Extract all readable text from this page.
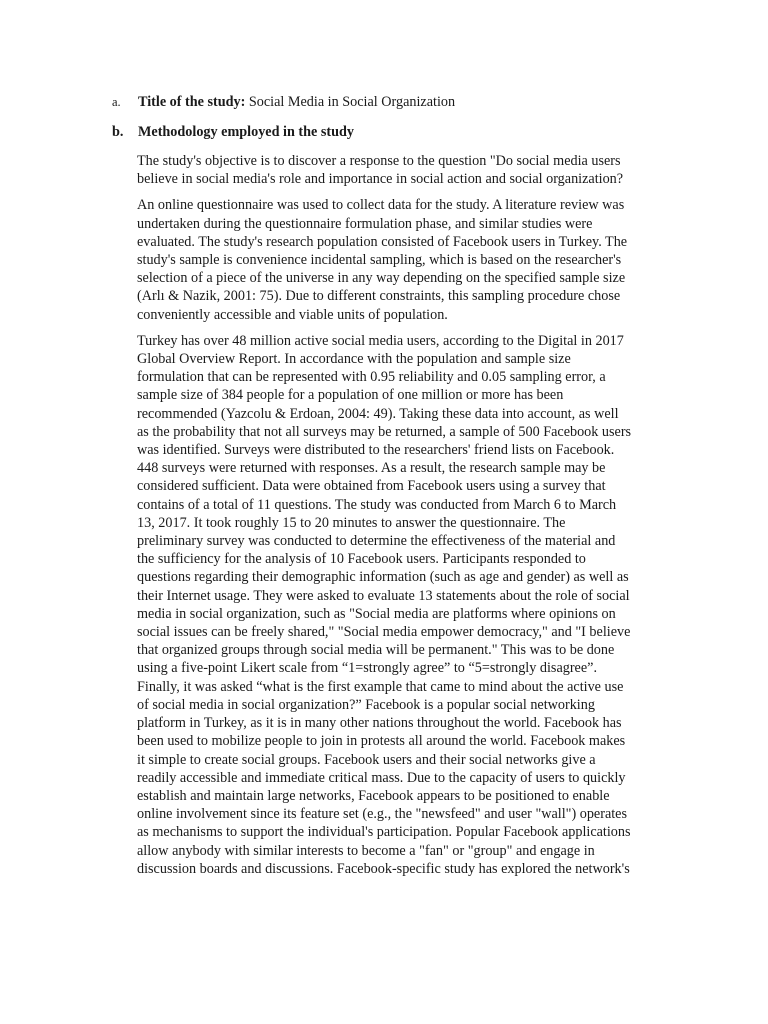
a. Title of the study: Social Media in Social Organization
b. Methodology employed in the study

The study's objective is to discover a response to the question "Do social media users
believe in social media's role and importance in social action and social organization?

An online questionnaire was used to collect data for the study. A literature review was
undertaken during the questionnaire formulation phase, and similar studies were
evaluated. The study's research population consisted of Facebook users in Turkey. The
study's sample is convenience incidental sampling, which is based on the researcher's
selection of a piece of the universe in any way depending on the specified sample size
(Arlı & Nazik, 2001: 75). Due to different constraints, this sampling procedure chose
conveniently accessible and viable units of population.

Turkey has over 48 million active social media users, according to the Digital in 2017
Global Overview Report. In accordance with the population and sample size
formulation that can be represented with 0.95 reliability and 0.05 sampling error, a
sample size of 384 people for a population of one million or more has been
recommended (Yazcolu & Erdoan, 2004: 49). Taking these data into account, as well
as the probability that not all surveys may be returned, a sample of 500 Facebook users
was identified. Surveys were distributed to the researchers' friend lists on Facebook.
448 surveys were returned with responses. As a result, the research sample may be
considered sufficient. Data were obtained from Facebook users using a survey that
contains of a total of 11 questions. The study was conducted from March 6 to March
13, 2017. It took roughly 15 to 20 minutes to answer the questionnaire. The
preliminary survey was conducted to determine the effectiveness of the material and
the sufficiency for the analysis of 10 Facebook users. Participants responded to
questions regarding their demographic information (such as age and gender) as well as
their Internet usage. They were asked to evaluate 13 statements about the role of social
media in social organization, such as "Social media are platforms where opinions on
social issues can be freely shared," "Social media empower democracy," and "I believe
that organized groups through social media will be permanent." This was to be done
using a five-point Likert scale from “1=strongly agree” to “5=strongly disagree”.
Finally, it was asked “what is the first example that came to mind about the active use
of social media in social organization?” Facebook is a popular social networking
platform in Turkey, as it is in many other nations throughout the world. Facebook has
been used to mobilize people to join in protests all around the world. Facebook makes
it simple to create social groups. Facebook users and their social networks give a
readily accessible and immediate critical mass. Due to the capacity of users to quickly
establish and maintain large networks, Facebook appears to be positioned to enable
online involvement since its feature set (e.g., the "newsfeed" and user "wall") operates
as mechanisms to support the individual's participation. Popular Facebook applications
allow anybody with similar interests to become a "fan" or "group" and engage in
discussion boards and discussions. Facebook-specific study has explored the network's
